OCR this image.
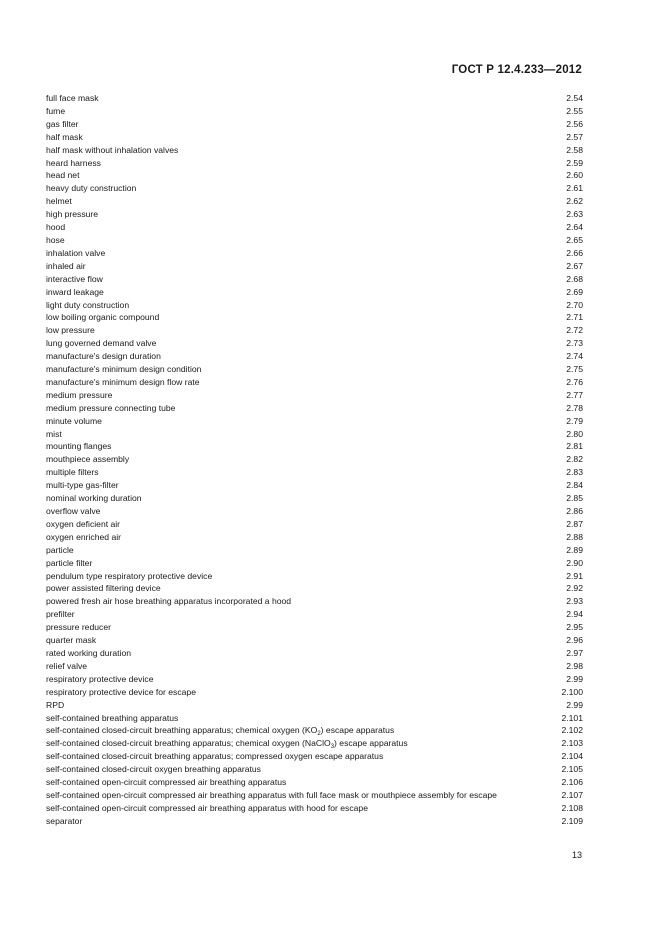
ГОСТ Р 12.4.233—2012
full face mask	2.54
fume	2.55
gas filter	2.56
half mask	2.57
half mask without inhalation valves	2.58
heard harness	2.59
head net	2.60
heavy duty construction	2.61
helmet	2.62
high pressure	2.63
hood	2.64
hose	2.65
inhalation valve	2.66
inhaled air	2.67
interactive flow	2.68
inward leakage	2.69
light duty construction	2.70
low boiling organic compound	2.71
low pressure	2.72
lung governed demand valve	2.73
manufacture's design duration	2.74
manufacture's minimum design condition	2.75
manufacture's minimum design flow rate	2.76
medium pressure	2.77
medium pressure connecting tube	2.78
minute volume	2.79
mist	2.80
mounting flanges	2.81
mouthpiece assembly	2.82
multiple filters	2.83
multi-type gas-filter	2.84
nominal working duration	2.85
overflow valve	2.86
oxygen deficient air	2.87
oxygen enriched air	2.88
particle	2.89
particle filter	2.90
pendulum type respiratory protective device	2.91
power assisted filtering device	2.92
powered fresh air hose breathing apparatus incorporated a hood	2.93
prefilter	2.94
pressure reducer	2.95
quarter mask	2.96
rated working duration	2.97
relief valve	2.98
respiratory protective device	2.99
respiratory protective device for escape	2.100
RPD	2.99
self-contained breathing apparatus	2.101
self-contained closed-circuit breathing apparatus; chemical oxygen $(KO_2)$ escape apparatus	2.102
self-contained closed-circuit breathing apparatus; chemical oxygen (NaClO$_3$) escape apparatus	2.103
self-contained closed-circuit breathing apparatus; compressed oxygen escape apparatus	2.104
self-contained closed-circuit oxygen breathing apparatus	2.105
self-contained open-circuit compressed air breathing apparatus	2.106
self-contained open-circuit compressed air breathing apparatus with full face mask or mouthpiece assembly for escape	2.107
self-contained open-circuit compressed air breathing apparatus with hood for escape	2.108
separator	2.109
13
